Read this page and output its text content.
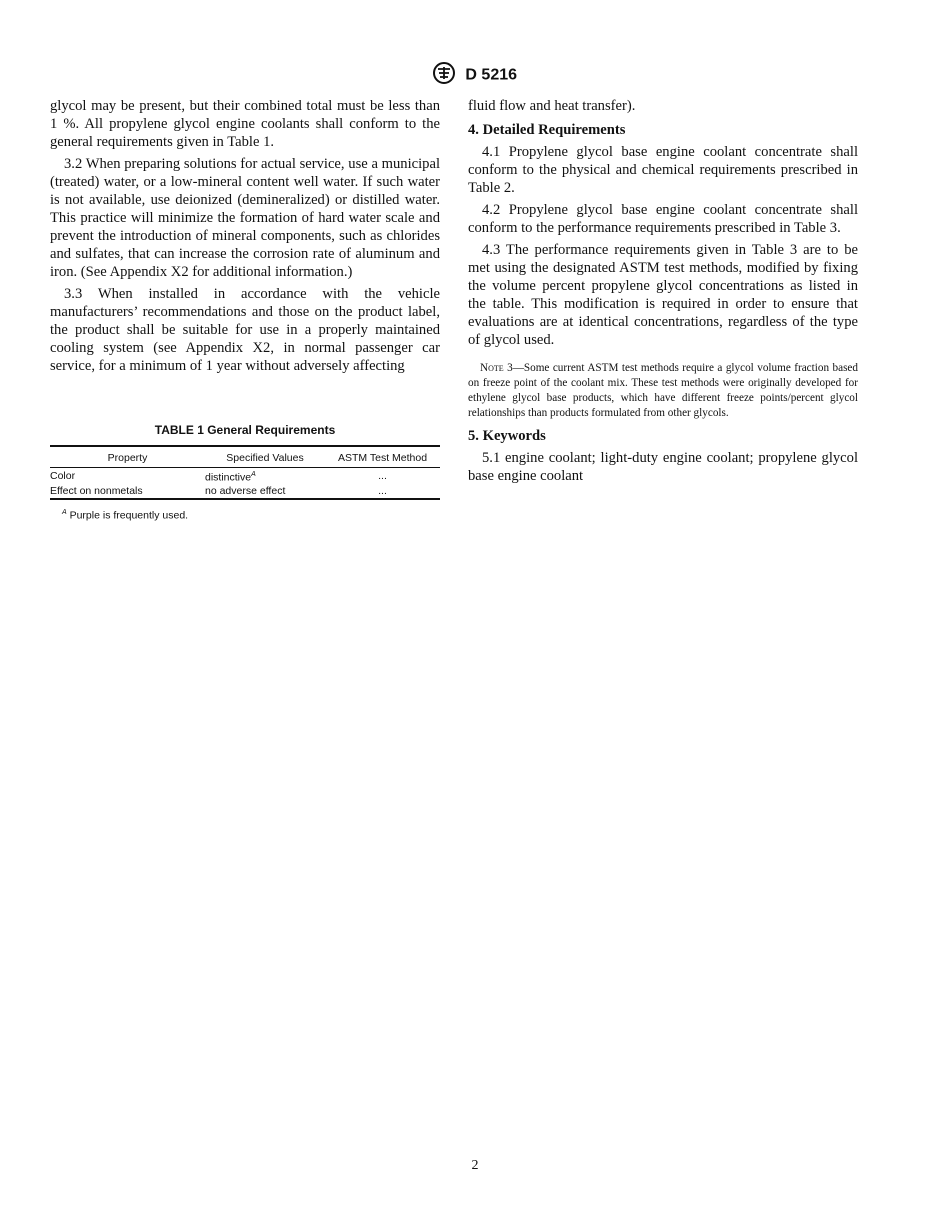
D 5216

glycol may be present, but their combined total must be less than 1 %. All propylene glycol engine coolants shall conform to the general requirements given in Table 1.

3.2 When preparing solutions for actual service, use a municipal (treated) water, or a low-mineral content well water. If such water is not available, use deionized (demineralized) or distilled water. This practice will minimize the formation of hard water scale and prevent the introduction of mineral components, such as chlorides and sulfates, that can increase the corrosion rate of aluminum and iron. (See Appendix X2 for additional information.)

3.3 When installed in accordance with the vehicle manufacturers’ recommendations and those on the product label, the product shall be suitable for use in a properly maintained cooling system (see Appendix X2, in normal passenger car service, for a minimum of 1 year without adversely affecting

TABLE 1 General Requirements
Property	Specified Values	ASTM Test Method
Color	distinctive$^A$	...
Effect on nonmetals	no adverse effect	...
$^A$ Purple is frequently used.

fluid flow and heat transfer).

4. Detailed Requirements

4.1 Propylene glycol base engine coolant concentrate shall conform to the physical and chemical requirements prescribed in Table 2.

4.2 Propylene glycol base engine coolant concentrate shall conform to the performance requirements prescribed in Table 3.

4.3 The performance requirements given in Table 3 are to be met using the designated ASTM test methods, modified by fixing the volume percent propylene glycol concentrations as listed in the table. This modification is required in order to ensure that evaluations are at identical concentrations, regardless of the type of glycol used.

Note 3—Some current ASTM test methods require a glycol volume fraction based on freeze point of the coolant mix. These test methods were originally developed for ethylene glycol base products, which have different freeze points/percent glycol relationships than products formulated from other glycols.
5. Keywords

5.1 engine coolant; light-duty engine coolant; propylene glycol base engine coolant

2
